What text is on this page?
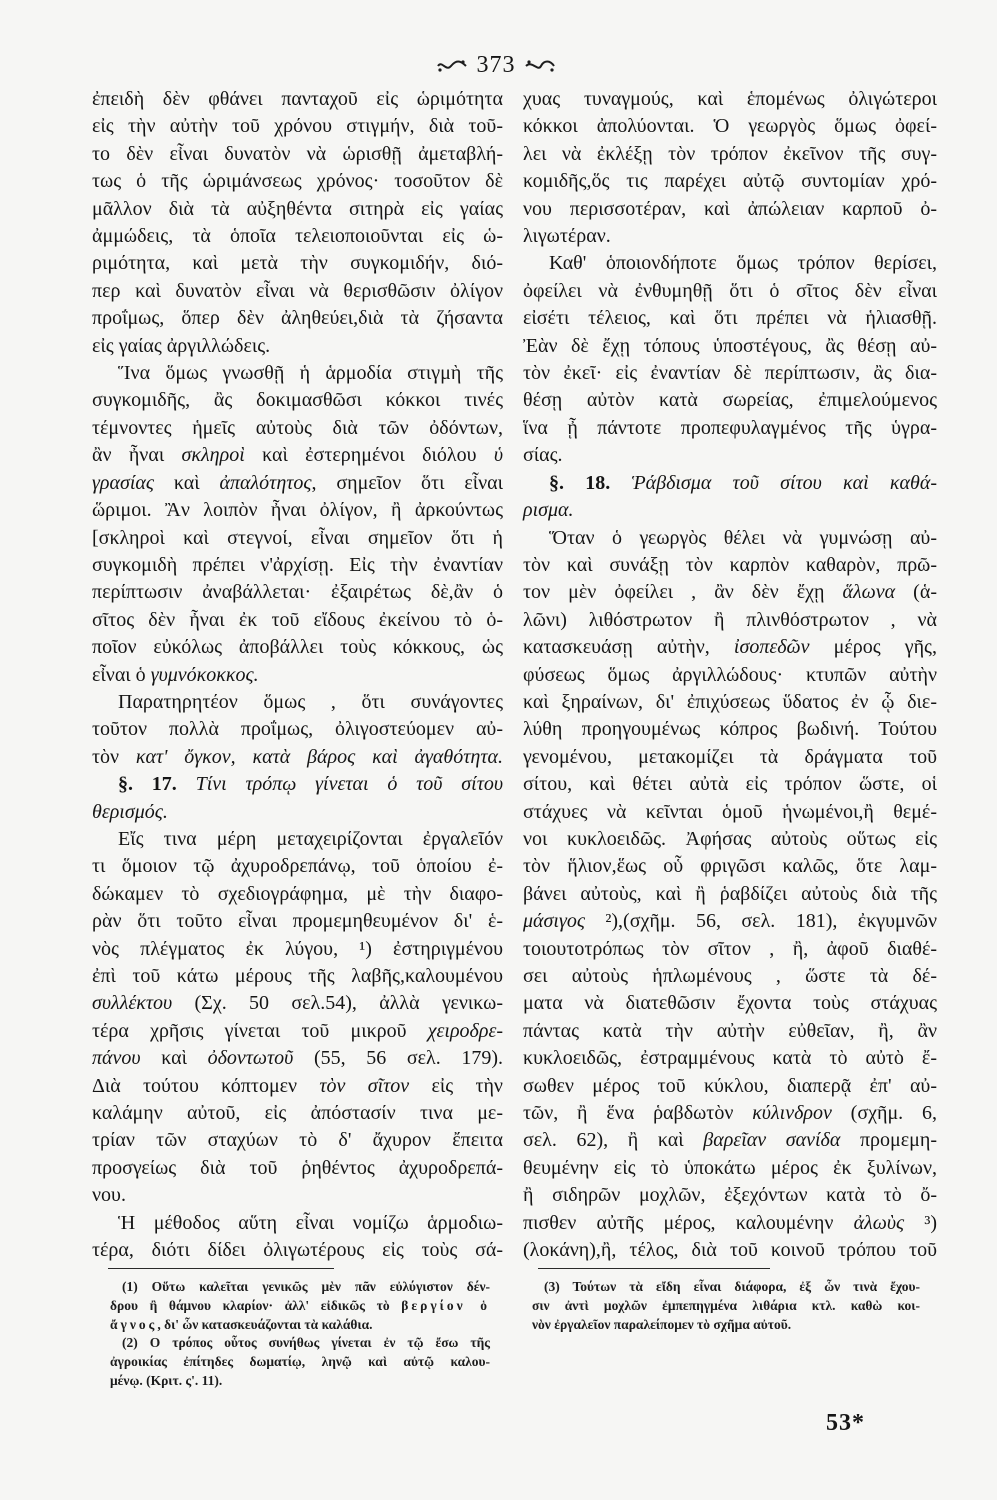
373
ἐπειδὴ δὲν φθάνει πανταχοῦ εἰς ὡριμότητα
εἰς τὴν αὐτὴν τοῦ χρόνου στιγμήν, διὰ τοῦ-
το δὲν εἶναι δυνατὸν νὰ ὡρισθῇ ἀμεταβλή-
τως ὁ τῆς ὡριμάνσεως χρόνος· τοσοῦτον δὲ
μᾶλλον διὰ τὰ αὐξηθέντα σιτηρὰ εἰς γαίας
ἀμμώδεις, τὰ ὁποῖα τελειοποιοῦνται εἰς ὡ-
ριμότητα, καὶ μετὰ τὴν συγκομιδήν, διό-
περ καὶ δυνατὸν εἶναι νὰ θερισθῶσιν ὀλίγον
προΐμως, ὅπερ δὲν ἀληθεύει,διὰ τὰ ζήσαντα
εἰς γαίας ἀργιλλώδεις.
Ἵνα ὅμως γνωσθῇ ἡ ἁρμοδία στιγμὴ τῆς
συγκομιδῆς, ἂς δοκιμασθῶσι κόκκοι τινές
τέμνοντες ἡμεῖς αὐτοὺς διὰ τῶν ὀδόντων,
ἂν ἦναι σκληροὶ καὶ ἐστερημένοι διόλου ὑ
γρασίας καὶ ἀπαλότητος, σημεῖον ὅτι εἶναι
ὥριμοι. Ἂν λοιπὸν ἦναι ὀλίγον, ἢ ἀρκούντως
[σκληροὶ καὶ στεγνοί, εἶναι σημεῖον ὅτι ἡ
συγκομιδὴ πρέπει ν'ἀρχίσῃ. Εἰς τὴν ἐναντίαν
περίπτωσιν ἀναβάλλεται· ἐξαιρέτως δὲ,ἂν ὁ
σῖτος δὲν ἦναι ἐκ τοῦ εἴδους ἐκείνου τὸ ὁ-
ποῖον εὐκόλως ἀποβάλλει τοὺς κόκκους, ὡς
εἶναι ὁ γυμνόκοκκος.
Παρατηρητέον ὅμως , ὅτι συνάγοντες
τοῦτον πολλὰ προΐμως, ὀλιγοστεύομεν αὐ-
τὸν κατ' ὄγκον, κατὰ βάρος καὶ ἀγαθότητα.
§. 17. Τίνι τρόπῳ γίνεται ὁ τοῦ σίτου
θερισμός.
Εἴς τινα μέρη μεταχειρίζονται ἐργαλεῖόν
τι ὅμοιον τῷ ἀχυροδρεπάνῳ, τοῦ ὁποίου ἐ-
δώκαμεν τὸ σχεδιογράφημα, μὲ τὴν διαφο-
ρὰν ὅτι τοῦτο εἶναι προμεμηθευμένον δι' ἑ-
νὸς πλέγματος ἐκ λύγου, ¹) ἐστηριγμένου
ἐπὶ τοῦ κάτω μέρους τῆς λαβῆς,καλουμένου
συλλέκτου (Σχ. 50 σελ.54), ἀλλὰ γενικω-
τέρα χρῆσις γίνεται τοῦ μικροῦ χειροδρε-
πάνου καὶ ὀδοντωτοῦ (55, 56 σελ. 179).
Διὰ τούτου κόπτομεν τὸν σῖτον εἰς τὴν
καλάμην αὐτοῦ, εἰς ἀπόστασίν τινα με-
τρίαν τῶν σταχύων τὸ δ' ἄχυρον ἔπειτα
προσγείως διὰ τοῦ ῥηθέντος ἀχυροδρεπά-
νου.
Ἡ μέθοδος αὕτη εἶναι νομίζω ἁρμοδιω-
τέρα, διότι δίδει ὀλιγωτέρους εἰς τοὺς σά-
χυας τυναγμούς, καὶ ἑπομένως ὀλιγώτεροι
κόκκοι ἀπολύονται. Ὁ γεωργὸς ὅμως ὀφεί-
λει νὰ ἐκλέξῃ τὸν τρόπον ἐκεῖνον τῆς συγ-
κομιδῆς,ὅς τις παρέχει αὐτῷ συντομίαν χρό-
νου περισσοτέραν, καὶ ἀπώλειαν καρποῦ ὀ-
λιγωτέραν.
Καθ' ὁποιονδήποτε ὅμως τρόπον θερίσει,
ὀφείλει νὰ ἐνθυμηθῇ ὅτι ὁ σῖτος δὲν εἶναι
εἰσέτι τέλειος, καὶ ὅτι πρέπει νὰ ἡλιασθῇ.
Ἐὰν δὲ ἔχῃ τόπους ὑποστέγους, ἂς θέσῃ αὐ-
τὸν ἐκεῖ· εἰς ἐναντίαν δὲ περίπτωσιν, ἂς δια-
θέσῃ αὐτὸν κατὰ σωρείας, ἐπιμελούμενος
ἵνα ᾖ πάντοτε προπεφυλαγμένος τῆς ὑγρα-
σίας.
§. 18. Ῥάβδισμα τοῦ σίτου καὶ καθά-
ρισμα.
Ὅταν ὁ γεωργὸς θέλει νὰ γυμνώσῃ αὐ-
τὸν καὶ συνάξῃ τὸν καρπὸν καθαρὸν, πρῶ-
τον μὲν ὀφείλει , ἂν δὲν ἔχῃ ἅλωνα (ἁ-
λῶνι) λιθόστρωτον ἢ πλινθόστρωτον , νὰ
κατασκευάσῃ αὐτὴν, ἰσοπεδῶν μέρος γῆς,
φύσεως ὅμως ἀργιλλώδους· κτυπῶν αὐτὴν
καὶ ξηραίνων, δι' ἐπιχύσεως ὕδατος ἐν ᾧ διε-
λύθη προηγουμένως κόπρος βωδινή. Τούτου
γενομένου, μετακομίζει τὰ δράγματα τοῦ
σίτου, καὶ θέτει αὐτὰ εἰς τρόπον ὥστε, οἱ
στάχυες νὰ κεῖνται ὁμοῦ ἡνωμένοι,ἢ θεμέ-
νοι κυκλοειδῶς. Ἀφήσας αὐτοὺς οὕτως εἰς
τὸν ἥλιον,ἕως οὗ φριγῶσι καλῶς, ὅτε λαμ-
βάνει αὐτοὺς, καὶ ἢ ῥαβδίζει αὐτοὺς διὰ τῆς
μάσιγος ²),(σχῆμ. 56, σελ. 181), ἐκγυμνῶν
τοιουτοτρόπως τὸν σῖτον , ἢ, ἀφοῦ διαθέ-
σει αὐτοὺς ἡπλωμένους , ὥστε τὰ δέ-
ματα νὰ διατεθῶσιν ἔχοντα τοὺς στάχυας
πάντας κατὰ τὴν αὐτὴν εὐθεῖαν, ἢ, ἂν
κυκλοειδῶς, ἐστραμμένους κατὰ τὸ αὐτὸ ἔ-
σωθεν μέρος τοῦ κύκλου, διαπερᾷ ἐπ' αὐ-
τῶν, ἢ ἕνα ῥαβδωτὸν κύλινδρον (σχῆμ. 6,
σελ. 62), ἢ καὶ βαρεῖαν σανίδα προμεμη-
θευμένην εἰς τὸ ὑποκάτω μέρος ἐκ ξυλίνων,
ἢ σιδηρῶν μοχλῶν, ἐξεχόντων κατὰ τὸ ὄ-
πισθεν αὐτῆς μέρος, καλουμένην ἀλωὺς ³)
(λοκάνη),ἢ, τέλος, διὰ τοῦ κοινοῦ τρόπου τοῦ
(1) Οὕτω καλεῖται γενικῶς μὲν πᾶν εὐλύγιστον δέν-
δρου ἢ θάμνου κλαρίον· ἀλλ' εἰδικῶς τὸ βεργίον ὁ
ἄγνος, δι' ὧν κατασκευάζονται τὰ καλάθια.
(2) Ο τρόπος οὗτος συνήθως γίνεται ἐν τῷ ἔσω τῆς
ἀγροικίας ἐπίτηδες δωματίῳ, ληνῷ καὶ αὐτῷ καλου-
μένῳ. (Κριτ. ς'. 11).
(3) Τούτων τὰ εἴδη εἶναι διάφορα, ἐξ ὧν τινὰ ἔχου-
σιν ἀντὶ μοχλῶν ἐμπεπηγμένα λιθάρια κτλ. καθὼ κοι-
νὸν ἐργαλεῖον παραλείπομεν τὸ σχῆμα αὐτοῦ.
53*
